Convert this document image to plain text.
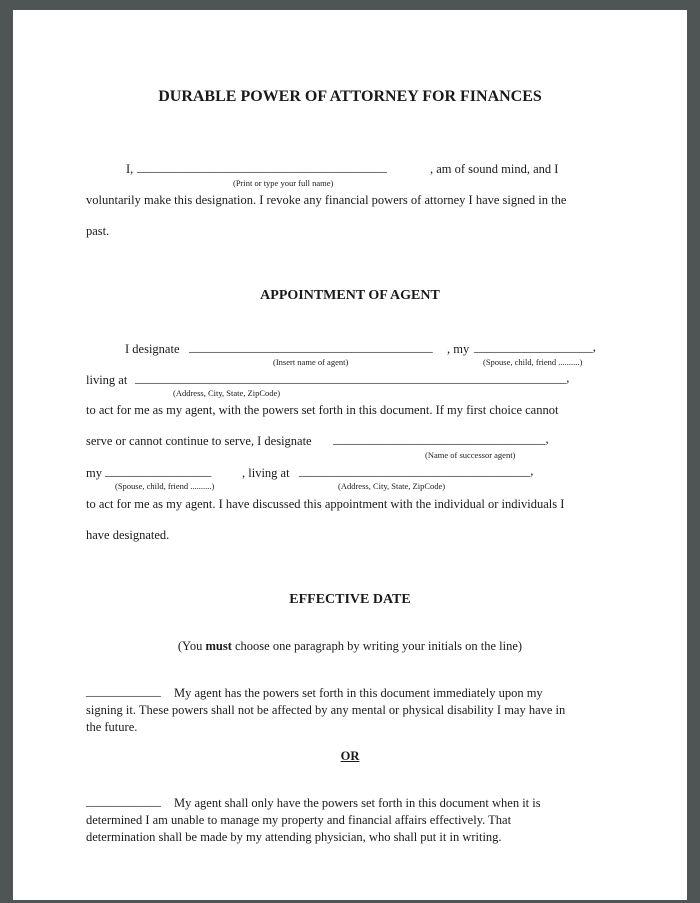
DURABLE POWER OF ATTORNEY FOR FINANCES
I, ________________________________________	, am of sound mind, and I
(Print or type your full name)
voluntarily make this designation. I revoke any financial powers of attorney I have signed in the
past.
APPOINTMENT OF AGENT
I designate _______________________________________ , my ___________________,
(Insert name of agent)	(Spouse, child, friend ..........)
living at _____________________________________________________________________,
(Address, City, State, ZipCode)
to act for me as my agent, with the powers set forth in this document. If my first choice cannot
serve or cannot continue to serve, I designate __________________________________,
(Name of successor agent)
my _________________ , living at _____________________________________,
(Spouse, child, friend ..........)	(Address, City, State, ZipCode)
to act for me as my agent. I have discussed this appointment with the individual or individuals I
have designated.
EFFECTIVE DATE
(You must choose one paragraph by writing your initials on the line)
____________ My agent has the powers set forth in this document immediately upon my
signing it. These powers shall not be affected by any mental or physical disability I may have in
the future.
OR
____________ My agent shall only have the powers set forth in this document when it is
determined I am unable to manage my property and financial affairs effectively. That
determination shall be made by my attending physician, who shall put it in writing.
